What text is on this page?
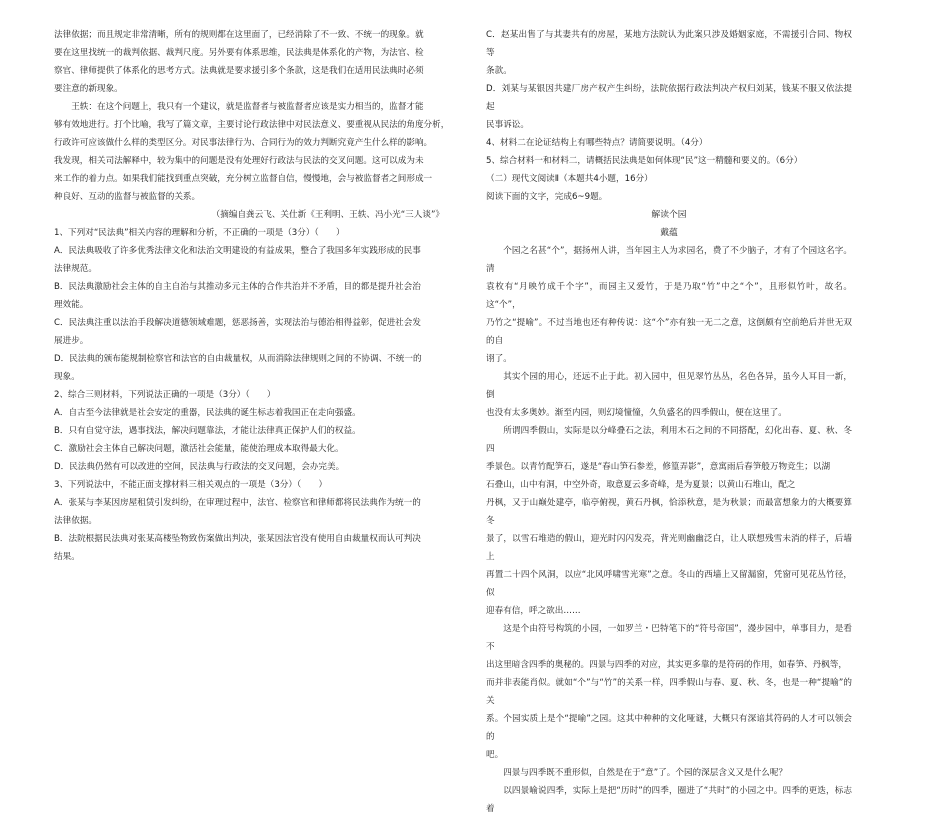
法律依据；而且规定非常清晰，所有的规则都在这里面了，已经消除了不一致、不统一的现象。就

要在这里找统一的裁判依据、裁判尺度。另外要有体系思维，民法典是体系化的产物，为法官、检

察官、律师提供了体系化的思考方式。法典就是要求援引多个条款，这是我们在适用民法典时必须

要注意的新现象。

王轶：在这个问题上，我只有一个建议，就是监督者与被监督者应该是实力相当的，监督才能

够有效地进行。打个比喻，我写了篇文章，主要讨论行政法律中对民法意义、要重视从民法的角度分析，

行政许可应该做什么样的类型区分。对民事法律行为、合同行为的效力判断究竟产生什么样的影响。

我发现，相关司法解释中，较为集中的问题是没有处理好行政法与民法的交叉问题。这可以成为未

来工作的着力点。如果我们能找到重点突破，充分树立监督自信，慢慢地，会与被监督者之间形成一

种良好、互动的监督与被监督的关系。

（摘编自龚云飞、关仕新《王利明、王轶、冯小光“三人谈”》

1、下列对“民法典”相关内容的理解和分析，不正确的一项是（3分）（　　）

A．民法典吸收了许多优秀法律文化和法治文明建设的有益成果，整合了我国多年实践形成的民事

法律规范。

B．民法典激励社会主体的自主自治与其推动多元主体的合作共治并不矛盾，目的都是提升社会治

理效能。

C．民法典注重以法治手段解决道德领域难题，惩恶扬善，实现法治与德治相得益彰，促进社会发

展进步。

D．民法典的颁布能规制检察官和法官的自由裁量权，从而消除法律规则之间的不协调、不统一的

现象。

2、综合三则材料，下列说法正确的一项是（3分）（　　）

A．自古至今法律就是社会安定的重器，民法典的诞生标志着我国正在走向强盛。

B．只有自觉守法，遇事找法，解决问题靠法，才能让法律真正保护人们的权益。

C．激励社会主体自己解决问题，激活社会能量，能使治理成本取得最大化。

D．民法典仍然有可以改进的空间，民法典与行政法的交叉问题，会办完美。

3、下列说法中，不能正面支撑材料三相关观点的一项是（3分）（　　）

A．张某与李某因房屋租赁引发纠纷，在审理过程中，法官、检察官和律师都将民法典作为统一的

法律依据。

B．法院根据民法典对张某高楼坠物致伤案做出判决，张某因法官没有使用自由裁量权而认可判决

结果。

C．赵某出售了与其妻共有的房屋，某地方法院认为此案只涉及婚姻家庭，不需援引合同、物权等

条款。

D．刘某与某银因共建厂房产权产生纠纷，法院依据行政法判决产权归刘某，钱某不服又依法提起

民事诉讼。

4、材料二在论证结构上有哪些特点？请简要说明。（4分）

5、综合材料一和材料二，请概括民法典是如何体现“民”这一精髓和要义的。（6分）

（二）现代文阅读Ⅱ（本题共4小题，16分）

阅读下面的文字，完成6~9题。

解读个园

戴蕴

个园之名甚“个”，据扬州人讲，当年园主人为求园名，费了不少脑子，才有了个园这名字。清

袁枚有“月映竹成千个字”，而园主又爱竹，于是乃取“竹”中之“个”，且形似竹叶，故名。这“个”，

乃竹之“提喻”。不过当地也还有种传说：这“个”亦有独一无二之意，这倒颇有空前绝后并世无双的自

诩了。

其实个园的用心，还远不止于此。初入园中，但见翠竹丛丛，名色各异，虽今人耳目一新，倒

也没有太多奥妙。渐至内园，则幻境憧憧，久负盛名的四季假山，便在这里了。

所谓四季假山，实际是以分峰叠石之法，利用木石之间的不同搭配，幻化出春、夏、秋、冬四

季景色。以青竹配笋石，遂是“春山笋石参差，修篁弄影”，意寓雨后春笋般万物竞生；以湖

石叠山，山中有洞，中空外奇，取意夏云多奇峰，是为夏景；以黄山石堆山，配之

丹枫，又于山巅处建亭，临亭俯视，黄石丹枫，恰添秋意，是为秋景；而最富想象力的大概要算冬

景了，以雪石堆造的假山，迎光时闪闪发亮，背光则幽幽泛白，让人联想残雪未消的样子，后墙上

再置二十四个风洞，以应“北风呼啸雪光寒”之意。冬山的西墙上又留漏窗，凭窗可见花丛竹径，似

迎春有信，呼之欲出……

这是个由符号构筑的小园，一如罗兰・巴特笔下的“符号帝国”，漫步园中，单事目力，是看不

出这里暗含四季的奥秘的。四景与四季的对应，其实更多靠的是符码的作用，如春笋、丹枫等，

而并非表能肖似。就如“个”与“竹”的关系一样，四季假山与春、夏、秋、冬，也是一种“提喻”的关

系。个园实质上是个“提喻”之园。这其中种种的文化哑谜，大概只有深谙其符码的人才可以领会的

吧。

四景与四季既不重形似，自然是在于“意”了。个园的深层含义又是什么呢？

以四景喻说四季，实际上是把“历时”的四季，圈进了“共时”的小园之中。四季的更迭，标志着
